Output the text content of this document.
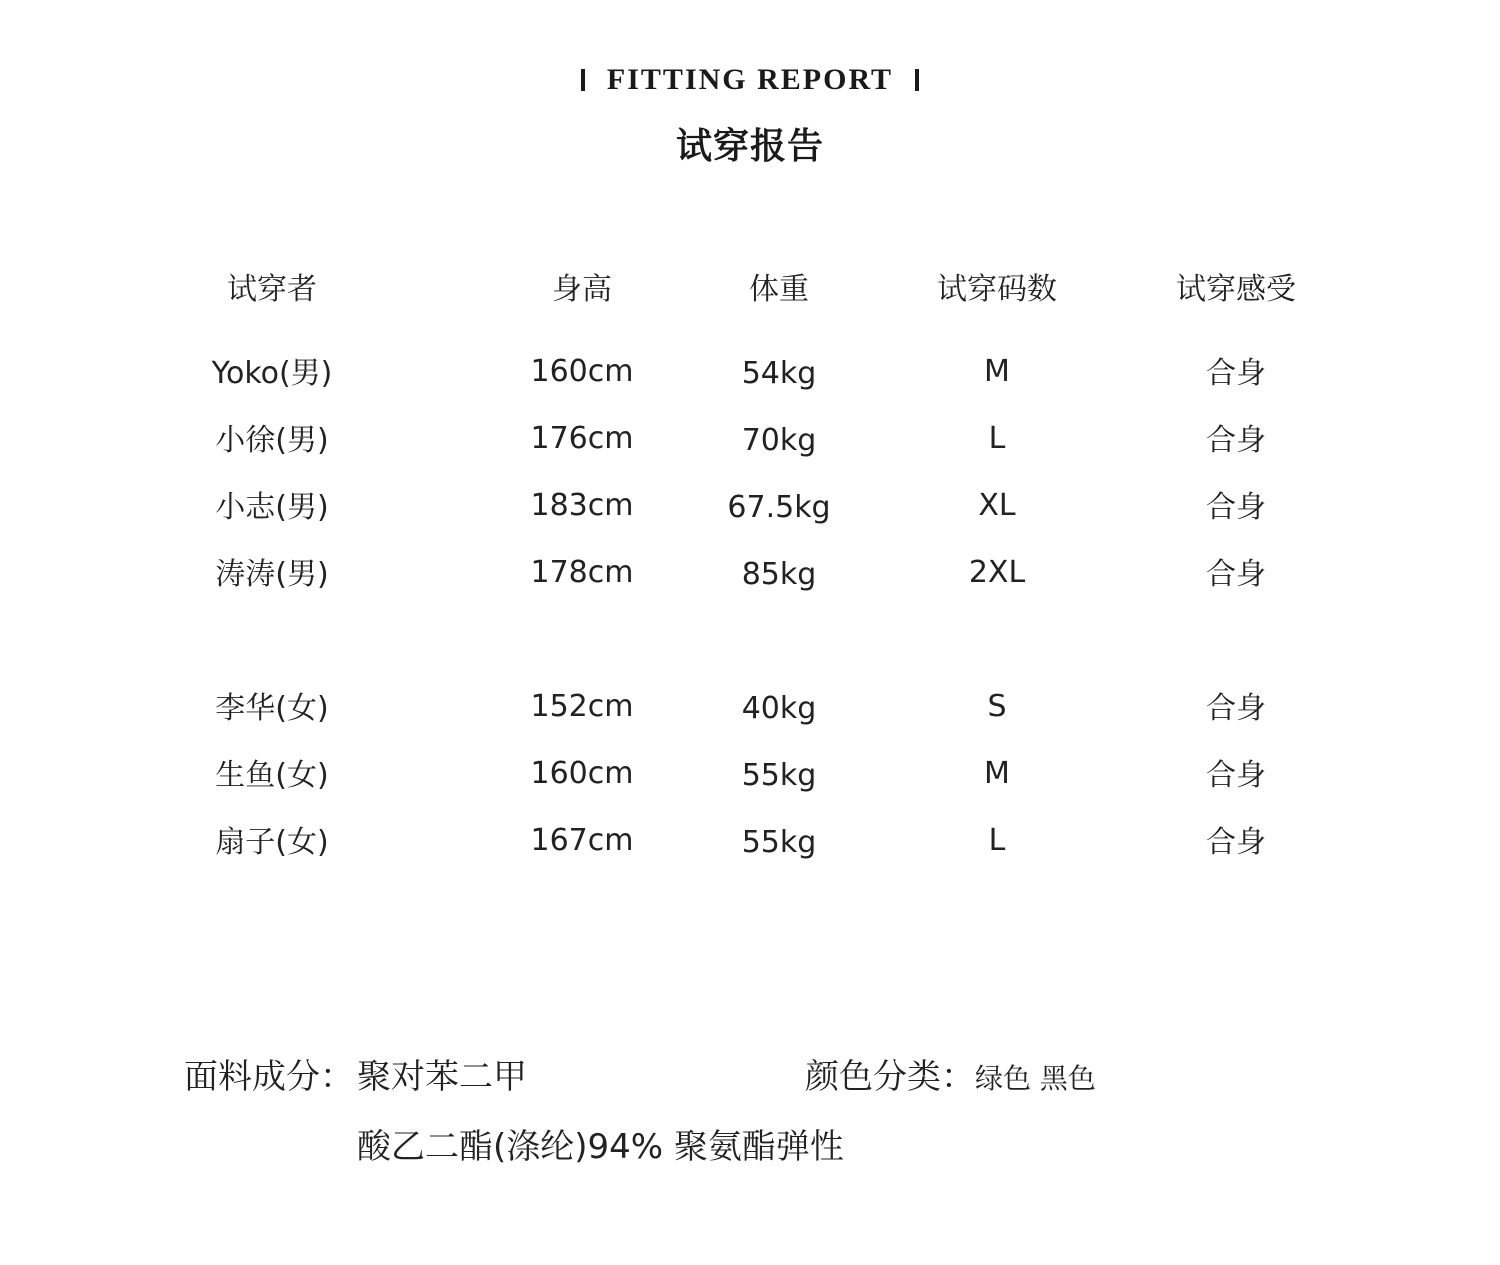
FITTING REPORT
试穿报告
试穿者	身高	体重	试穿码数	试穿感受
Yoko(男)	160cm	54kg	M	合身
小徐(男)	176cm	70kg	L	合身
小志(男)	183cm	67.5kg	XL	合身
涛涛(男)	178cm	85kg	2XL	合身
李华(女)	152cm	40kg	S	合身
生鱼(女)	160cm	55kg	M	合身
扇子(女)	167cm	55kg	L	合身
面料成分： 聚对苯二甲
酸乙二酯(涤纶)94% 聚氨酯弹性
颜色分类： 绿色 黑色
